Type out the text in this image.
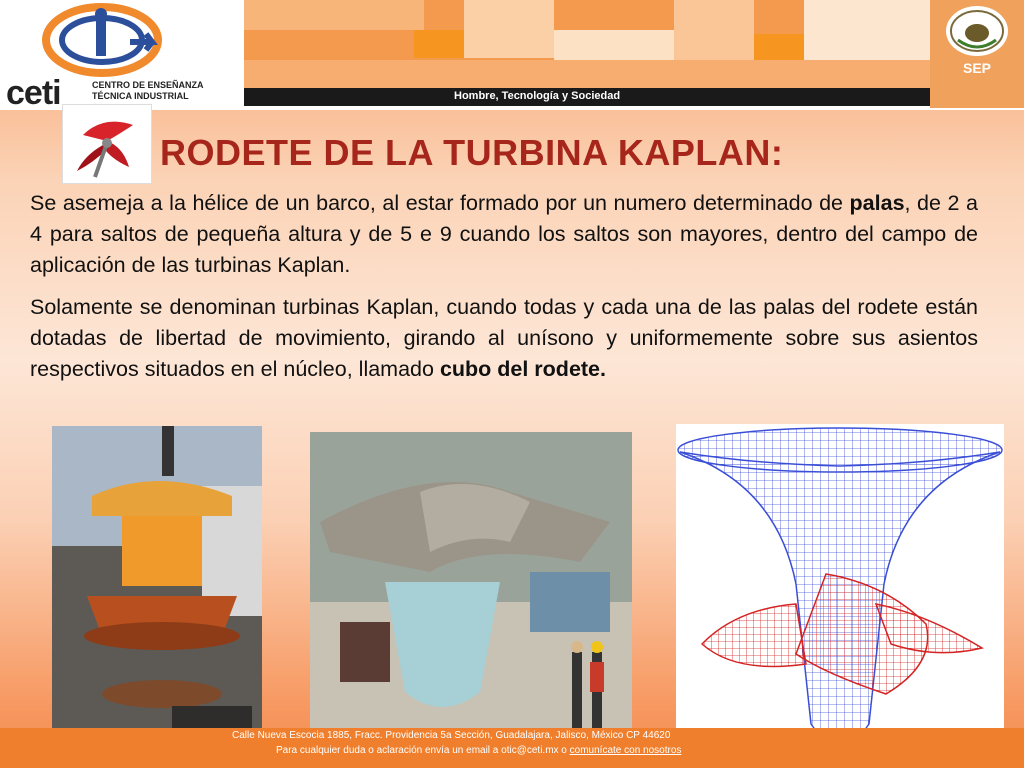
ceti	CENTRO DE ENSEÑANZA
TÉCNICA INDUSTRIAL	Hombre, Tecnología y Sociedad
SEP
RODETE DE LA TURBINA KAPLAN:

Se asemeja a la hélice de un barco, al estar formado por un numero determinado de palas, de 2 a 4 para saltos de pequeña altura y de 5 e 9 cuando los saltos son mayores, dentro del campo de aplicación de las turbinas Kaplan.

Solamente se denominan turbinas Kaplan, cuando todas y cada una de las palas del rodete están dotadas de libertad de movimiento, girando al unísono y uniformemente sobre sus asientos respectivos situados en el núcleo, llamado cubo del rodete.

Calle Nueva Escocia 1885, Fracc. Providencia 5a Sección, Guadalajara, Jalisco, México CP 44620
Para cualquier duda o aclaración envía un email a otic@ceti.mx o comunícate con nosotros
